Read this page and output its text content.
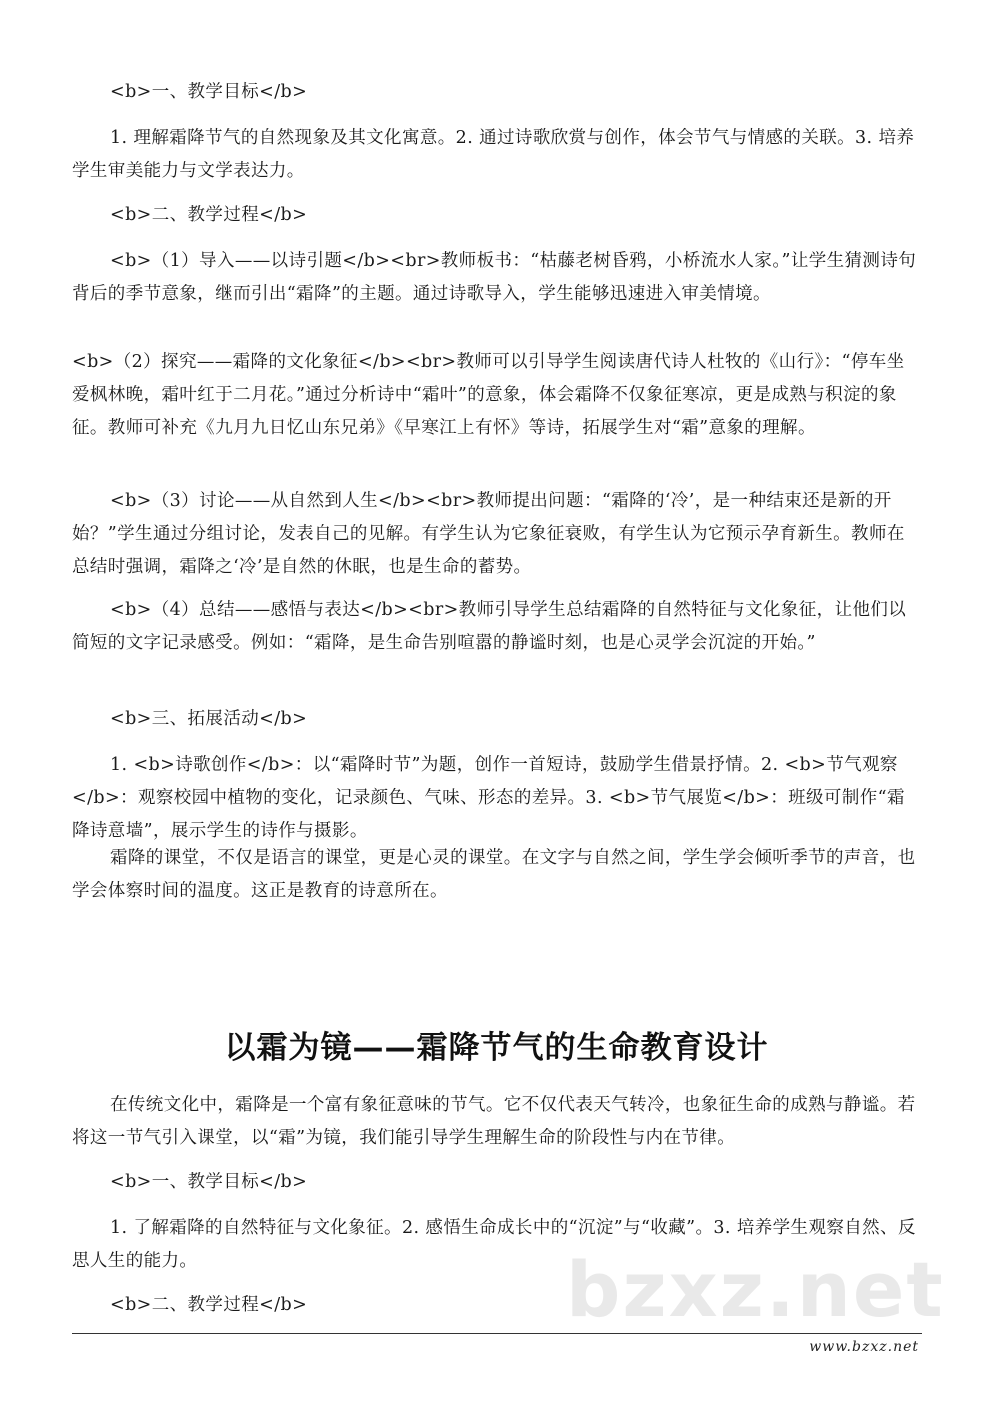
<b>一、教学目标</b>

1. 理解霜降节气的自然现象及其文化寓意。2. 通过诗歌欣赏与创作，体会节气与情感的关联。3. 培养学生审美能力与文学表达力。

<b>二、教学过程</b>

<b>（1）导入——以诗引题</b><br>教师板书：“枯藤老树昏鸦，小桥流水人家。”让学生猜测诗句背后的季节意象，继而引出“霜降”的主题。通过诗歌导入，学生能够迅速进入审美情境。

<b>（2）探究——霜降的文化象征</b><br>教师可以引导学生阅读唐代诗人杜牧的《山行》：“停车坐爱枫林晚，霜叶红于二月花。”通过分析诗中“霜叶”的意象，体会霜降不仅象征寒凉，更是成熟与积淀的象征。教师可补充《九月九日忆山东兄弟》《早寒江上有怀》等诗，拓展学生对“霜”意象的理解。

<b>（3）讨论——从自然到人生</b><br>教师提出问题：“霜降的‘冷’，是一种结束还是新的开始？”学生通过分组讨论，发表自己的见解。有学生认为它象征衰败，有学生认为它预示孕育新生。教师在总结时强调，霜降之‘冷’是自然的休眠，也是生命的蓄势。

<b>（4）总结——感悟与表达</b><br>教师引导学生总结霜降的自然特征与文化象征，让他们以简短的文字记录感受。例如：“霜降，是生命告别喧嚣的静谧时刻，也是心灵学会沉淀的开始。”

<b>三、拓展活动</b>

1. <b>诗歌创作</b>：以“霜降时节”为题，创作一首短诗，鼓励学生借景抒情。2. <b>节气观察</b>：观察校园中植物的变化，记录颜色、气味、形态的差异。3. <b>节气展览</b>：班级可制作“霜降诗意墙”，展示学生的诗作与摄影。

霜降的课堂，不仅是语言的课堂，更是心灵的课堂。在文字与自然之间，学生学会倾听季节的声音，也学会体察时间的温度。这正是教育的诗意所在。

以霜为镜——霜降节气的生命教育设计

在传统文化中，霜降是一个富有象征意味的节气。它不仅代表天气转冷，也象征生命的成熟与静谧。若将这一节气引入课堂，以“霜”为镜，我们能引导学生理解生命的阶段性与内在节律。

<b>一、教学目标</b>

1. 了解霜降的自然特征与文化象征。2. 感悟生命成长中的“沉淀”与“收藏”。3. 培养学生观察自然、反思人生的能力。

<b>二、教学过程</b>	bzxz.net
www.bzxz.net
